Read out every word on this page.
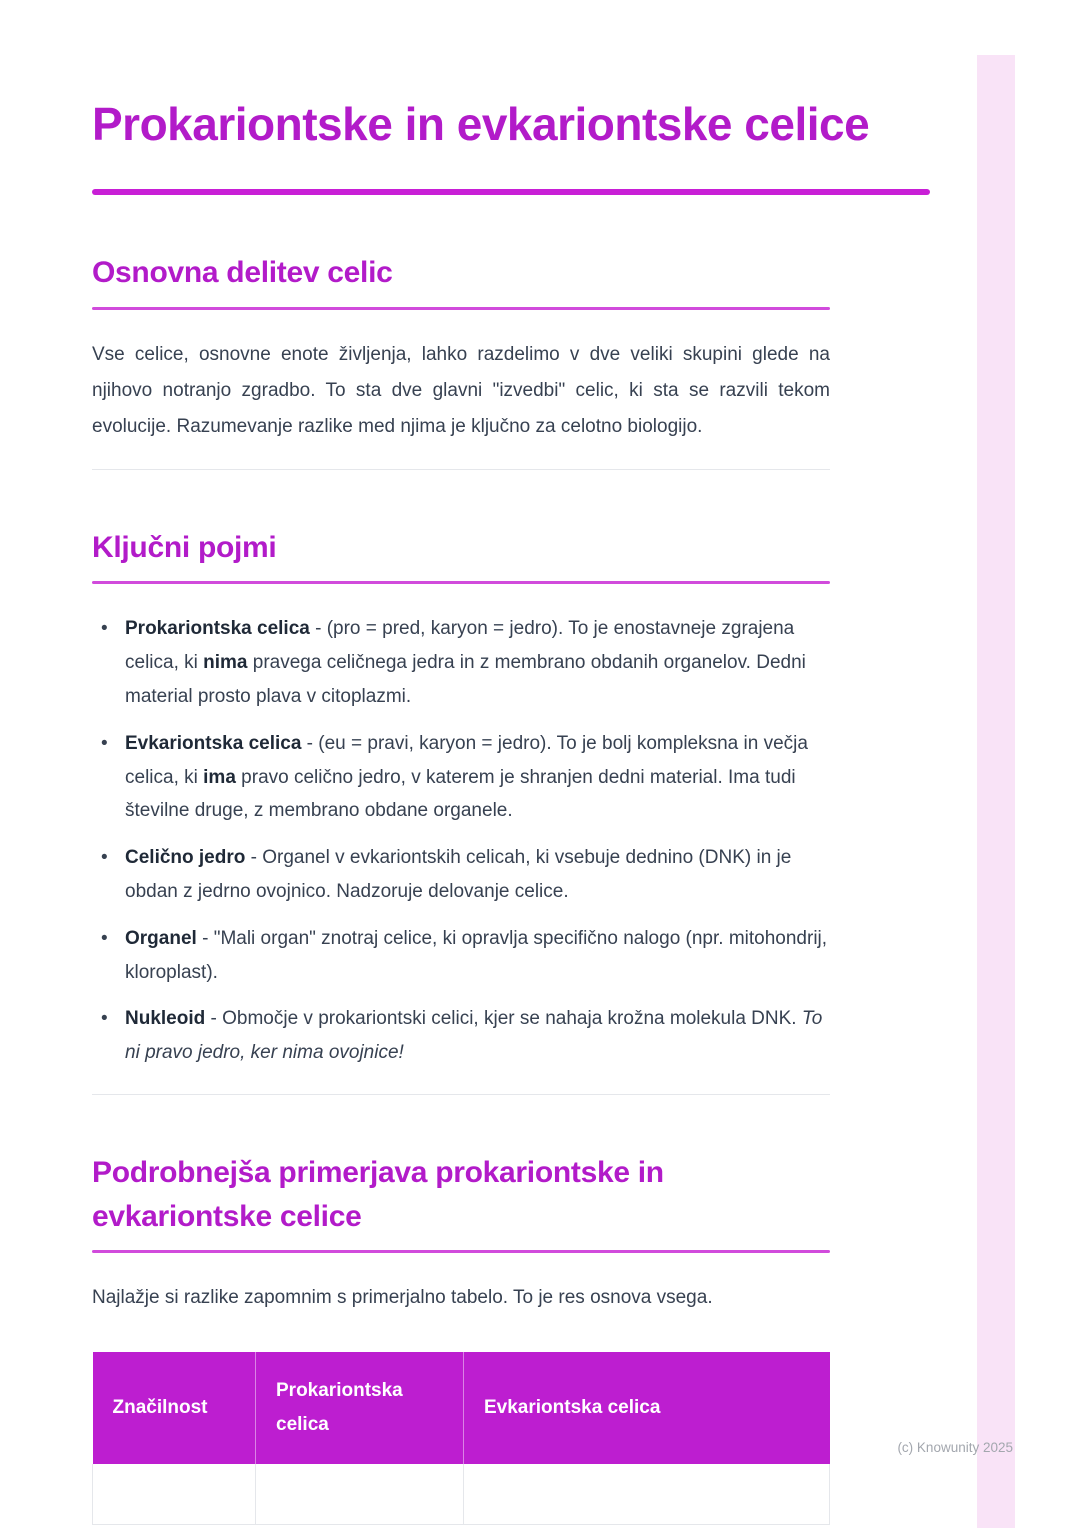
Prokariontske in evkariontske celice
Osnovna delitev celic

Vse celice, osnovne enote življenja, lahko razdelimo v dve veliki skupini glede na njihovo notranjo zgradbo. To sta dve glavni "izvedbi" celic, ki sta se razvili tekom evolucije. Razumevanje razlike med njima je ključno za celotno biologijo.

Ključni pojmi
• Prokariontska celica - (pro = pred, karyon = jedro). To je enostavneje zgrajena celica, ki nima pravega celičnega jedra in z membrano obdanih organelov. Dedni material prosto plava v citoplazmi.
• Evkariontska celica - (eu = pravi, karyon = jedro). To je bolj kompleksna in večja celica, ki ima pravo celično jedro, v katerem je shranjen dedni material. Ima tudi številne druge, z membrano obdane organele.
• Celično jedro - Organel v evkariontskih celicah, ki vsebuje dednino (DNK) in je obdan z jedrno ovojnico. Nadzoruje delovanje celice.
• Organel - "Mali organ" znotraj celice, ki opravlja specifično nalogo (npr. mitohondrij, kloroplast).
• Nukleoid - Območje v prokariontski celici, kjer se nahaja krožna molekula DNK. To ni pravo jedro, ker nima ovojnice!
Podrobnejša primerjava prokariontske in evkariontske celice

Najlažje si razlike zapomnim s primerjalno tabelo. To je res osnova vsega.

Značilnost	Prokariontska celica	Evkariontska celica

(c) Knowunity 2025
